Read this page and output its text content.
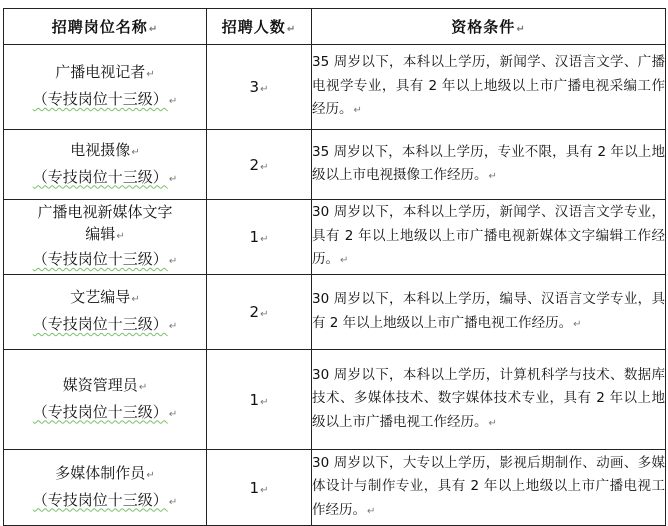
招聘岗位名称↵	招聘人数↵	资格条件↵

广播电视记者↵
（专技岗位十三级）↵	3↵	35 周岁以下，本科以上学历，新闻学、汉语言文学、广播电视学专业，具有 2 年以上地级以上市广播电视采编工作经历。↵

电视摄像↵
（专技岗位十三级）↵	2↵	35 周岁以下，本科以上学历，专业不限，具有 2 年以上地级以上市电视摄像工作经历。↵

广播电视新媒体文字
编辑↵
（专技岗位十三级）↵	1↵	30 周岁以下，本科以上学历，新闻学、汉语言文学专业，具有 2 年以上地级以上市广播电视新媒体文字编辑工作经历。↵

文艺编导↵
（专技岗位十三级）↵	2↵	30 周岁以下，本科以上学历，编导、汉语言文学专业，具有 2 年以上地级以上市广播电视工作经历。↵

媒资管理员↵
（专技岗位十三级）↵	1↵	30 周岁以下，本科以上学历，计算机科学与技术、数据库技术、多媒体技术、数字媒体技术专业，具有 2 年以上地级以上市广播电视工作经历。↵

多媒体制作员↵
（专技岗位十三级）↵	1↵	30 周岁以下，大专以上学历，影视后期制作、动画、多媒体设计与制作专业，具有 2 年以上地级以上市广播电视工作经历。↵
